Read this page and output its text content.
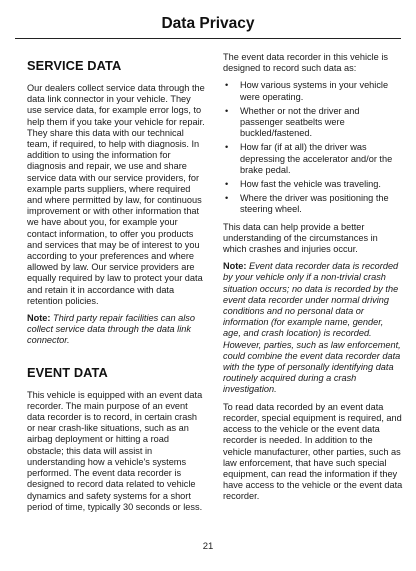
Data Privacy
SERVICE DATA

Our dealers collect service data through the data link connector in your vehicle. They use service data, for example error logs, to help them if you take your vehicle for repair. They share this data with our technical team, if required, to help with diagnosis. In addition to using the information for diagnosis and repair, we use and share service data with our service providers, for example parts suppliers, where required and where permitted by law, for continuous improvement or with other information that we have about you, for example your contact information, to offer you products and services that may be of interest to you according to your preferences and where allowed by law. Our service providers are equally required by law to protect your data and retain it in accordance with data retention policies.

Note: Third party repair facilities can also collect service data through the data link connector.

EVENT DATA

This vehicle is equipped with an event data recorder. The main purpose of an event data recorder is to record, in certain crash or near crash-like situations, such as an airbag deployment or hitting a road obstacle; this data will assist in understanding how a vehicle's systems performed. The event data recorder is designed to record data related to vehicle dynamics and safety systems for a short period of time, typically 30 seconds or less.

The event data recorder in this vehicle is designed to record such data as:

• How various systems in your vehicle were operating.
• Whether or not the driver and passenger seatbelts were buckled/fastened.
• How far (if at all) the driver was depressing the accelerator and/or the brake pedal.
• How fast the vehicle was traveling.
• Where the driver was positioning the steering wheel.

This data can help provide a better understanding of the circumstances in which crashes and injuries occur.

Note: Event data recorder data is recorded by your vehicle only if a non-trivial crash situation occurs; no data is recorded by the event data recorder under normal driving conditions and no personal data or information (for example name, gender, age, and crash location) is recorded. However, parties, such as law enforcement, could combine the event data recorder data with the type of personally identifying data routinely acquired during a crash investigation.

To read data recorded by an event data recorder, special equipment is required, and access to the vehicle or the event data recorder is needed. In addition to the vehicle manufacturer, other parties, such as law enforcement, that have such special equipment, can read the information if they have access to the vehicle or the event data recorder.

21
